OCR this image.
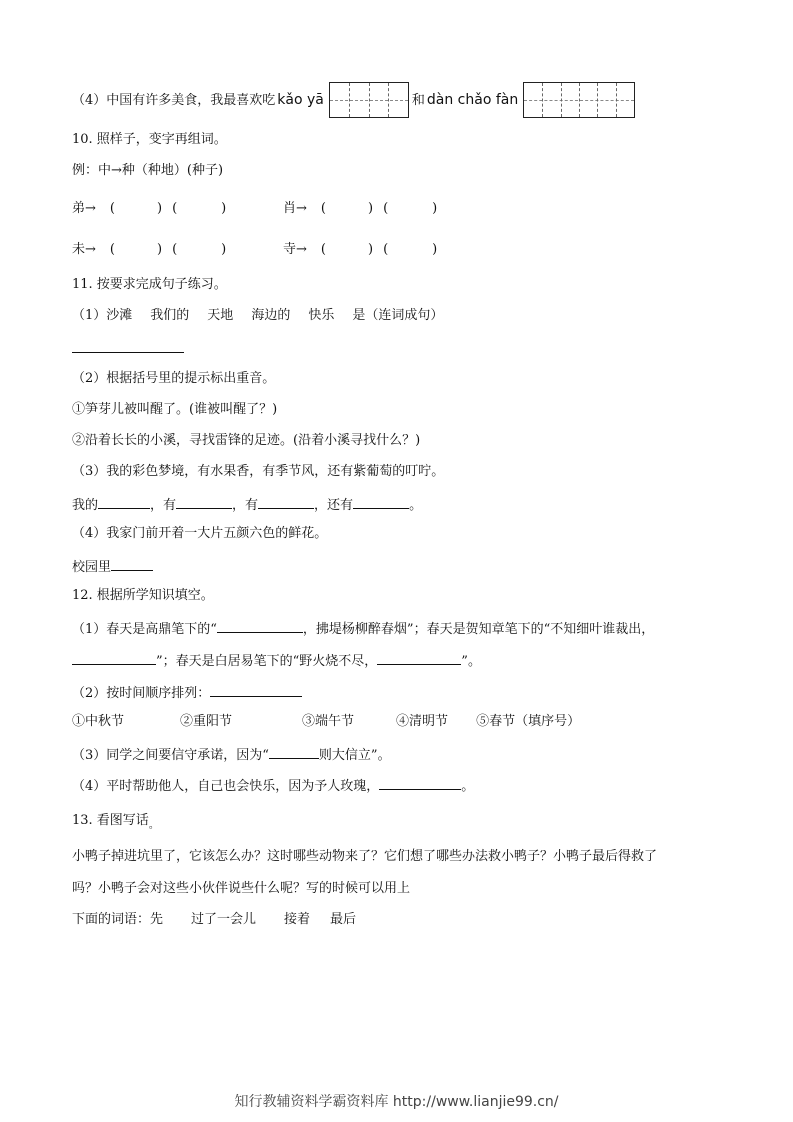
（4）中国有许多美食，我最喜欢吃 kǎo yā	和 dàn chǎo fàn
10. 照样子，变字再组词。
例：中→种（种地）(种子)
弟→ (	) (	)	肖→ (	) (	)
未→ (	) (	)	寺→ (	) (	)
11. 按要求完成句子练习。
（1）沙滩 我们的 天地 海边的 快乐 是（连词成句）
（2）根据括号里的提示标出重音。
①笋芽儿被叫醒了。(谁被叫醒了？)
②沿着长长的小溪，寻找雷锋的足迹。(沿着小溪寻找什么？)
（3）我的彩色梦境，有水果香，有季节风，还有紫葡萄的叮咛。
我的	，有	，有	，还有	。
（4）我家门前开着一大片五颜六色的鲜花。
校园里
12. 根据所学知识填空。
（1）春天是高鼎笔下的“	，拂堤杨柳醉春烟”；春天是贺知章笔下的“不知细叶谁裁出，
”；春天是白居易笔下的“野火烧不尽，	”。
（2）按时间顺序排列：
①中秋节	②重阳节	③端午节	④清明节 ⑤春节（填序号）
（3）同学之间要信守承诺，因为“	则大信立”。
（4）平时帮助他人，自己也会快乐，因为予人玫瑰，	。
13. 看图写话。
小鸭子掉进坑里了，它该怎么办？这时哪些动物来了？它们想了哪些办法救小鸭子？小鸭子最后得救了
吗？小鸭子会对这些小伙伴说些什么呢？写的时候可以用上
下面的词语：先 过了一会儿 接着 最后
知行教辅资料学霸资料库 http://www.lianjie99.cn/
